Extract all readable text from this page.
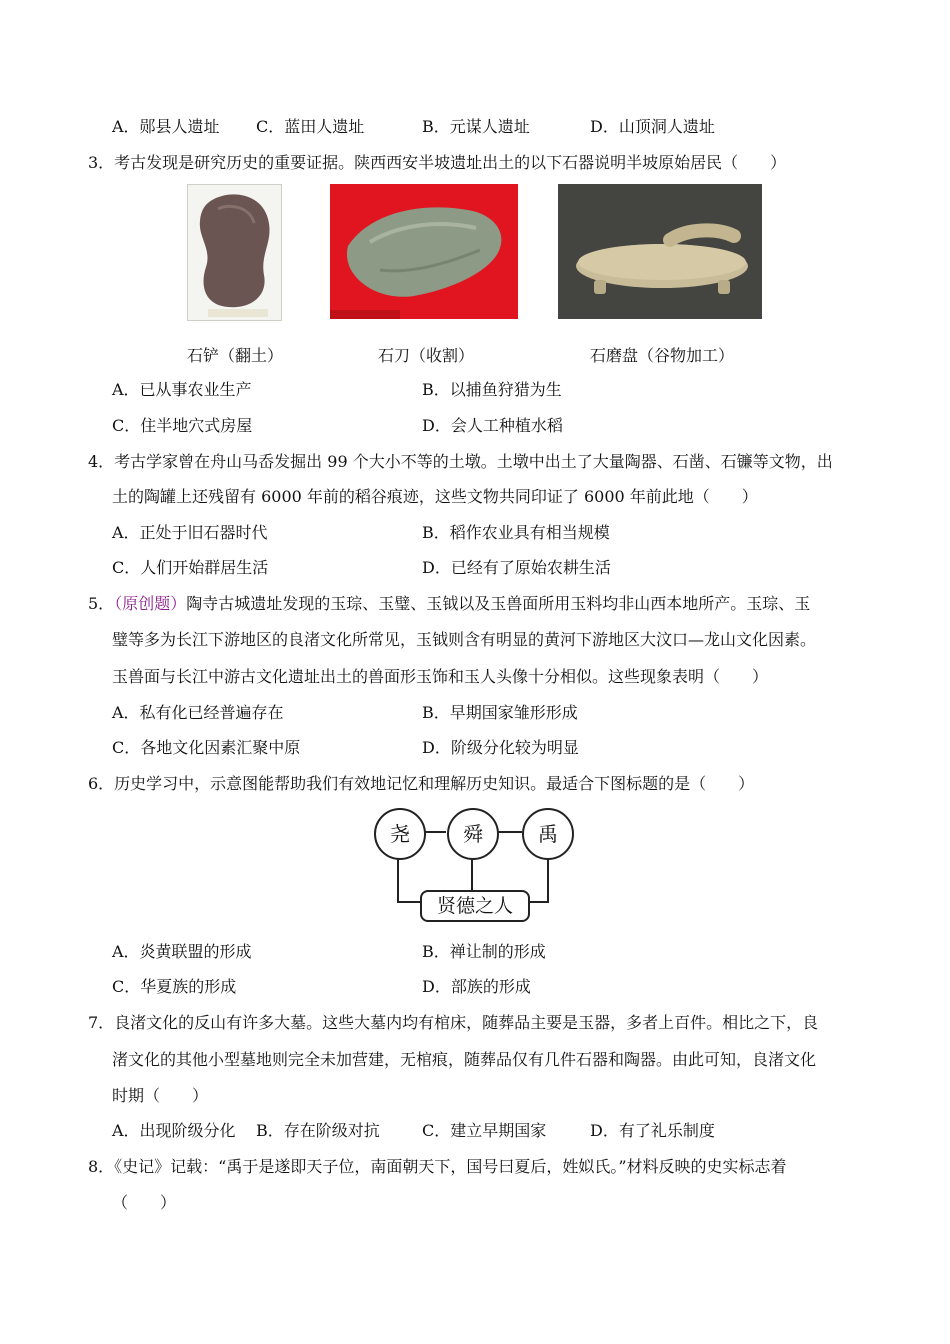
A．郧县人遗址 C．蓝田人遗址	B．元谋人遗址	D．山顶洞人遗址
3．考古发现是研究历史的重要证据。陕西西安半坡遗址出土的以下石器说明半坡原始居民（　　）
石铲（翻土）	石刀（收割）	石磨盘（谷物加工）
A．已从事农业生产	B．以捕鱼狩猎为生
C．住半地穴式房屋	D．会人工种植水稻
4．考古学家曾在舟山马岙发掘出 99 个大小不等的土墩。土墩中出土了大量陶器、石凿、石镰等文物，出
土的陶罐上还残留有 6000 年前的稻谷痕迹，这些文物共同印证了 6000 年前此地（　　）
A．正处于旧石器时代	B．稻作农业具有相当规模
C．人们开始群居生活	D．已经有了原始农耕生活
5．（原创题）陶寺古城遗址发现的玉琮、玉璧、玉钺以及玉兽面所用玉料均非山西本地所产。玉琮、玉
璧等多为长江下游地区的良渚文化所常见，玉钺则含有明显的黄河下游地区大汶口—龙山文化因素。
玉兽面与长江中游古文化遗址出土的兽面形玉饰和玉人头像十分相似。这些现象表明（　　）
A．私有化已经普遍存在	B．早期国家雏形形成
C．各地文化因素汇聚中原	D．阶级分化较为明显
6．历史学习中，示意图能帮助我们有效地记忆和理解历史知识。最适合下图标题的是（　　）
尧	舜	禹
贤德之人
A．炎黄联盟的形成	B．禅让制的形成
C．华夏族的形成	D．部族的形成
7．良渚文化的反山有许多大墓。这些大墓内均有棺床，随葬品主要是玉器，多者上百件。相比之下，良
渚文化的其他小型墓地则完全未加营建，无棺痕，随葬品仅有几件石器和陶器。由此可知，良渚文化
时期（　　）
A．出现阶级分化 B．存在阶级对抗	C．建立早期国家	D．有了礼乐制度
8．《史记》记载：“禹于是遂即天子位，南面朝天下，国号曰夏后，姓姒氏。”材料反映的史实标志着
（　　）
